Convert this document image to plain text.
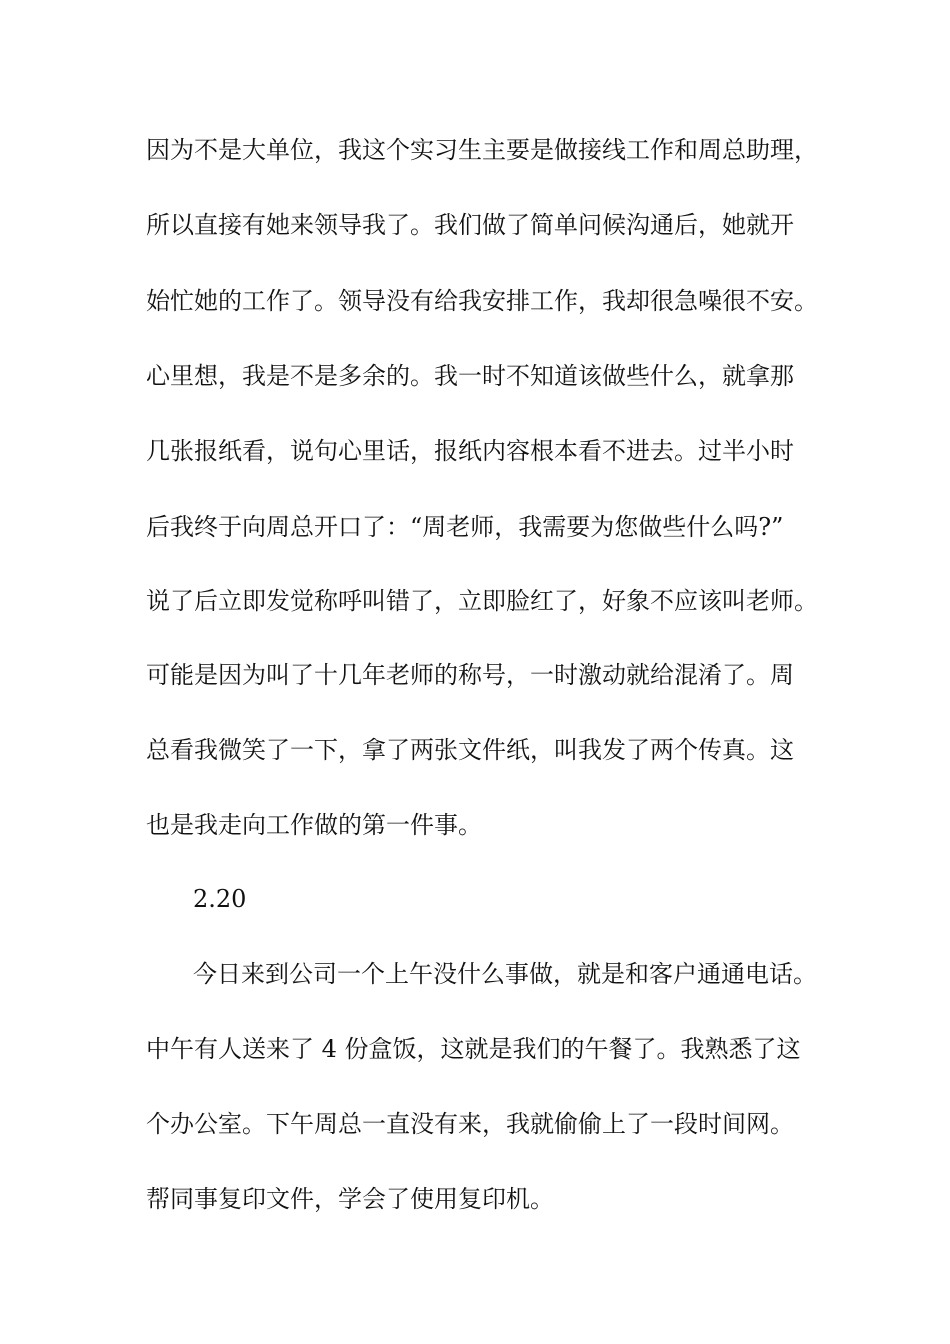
因为不是大单位，我这个实习生主要是做接线工作和周总助理，
所以直接有她来领导我了。我们做了简单问候沟通后，她就开
始忙她的工作了。领导没有给我安排工作，我却很急噪很不安。
心里想，我是不是多余的。我一时不知道该做些什么，就拿那
几张报纸看，说句心里话，报纸内容根本看不进去。过半小时
后我终于向周总开口了：“周老师，我需要为您做些什么吗?”
说了后立即发觉称呼叫错了，立即脸红了，好象不应该叫老师。
可能是因为叫了十几年老师的称号，一时激动就给混淆了。周
总看我微笑了一下，拿了两张文件纸，叫我发了两个传真。这
也是我走向工作做的第一件事。
2.20
今日来到公司一个上午没什么事做，就是和客户通通电话。
中午有人送来了 4 份盒饭，这就是我们的午餐了。我熟悉了这
个办公室。下午周总一直没有来，我就偷偷上了一段时间网。
帮同事复印文件，学会了使用复印机。
